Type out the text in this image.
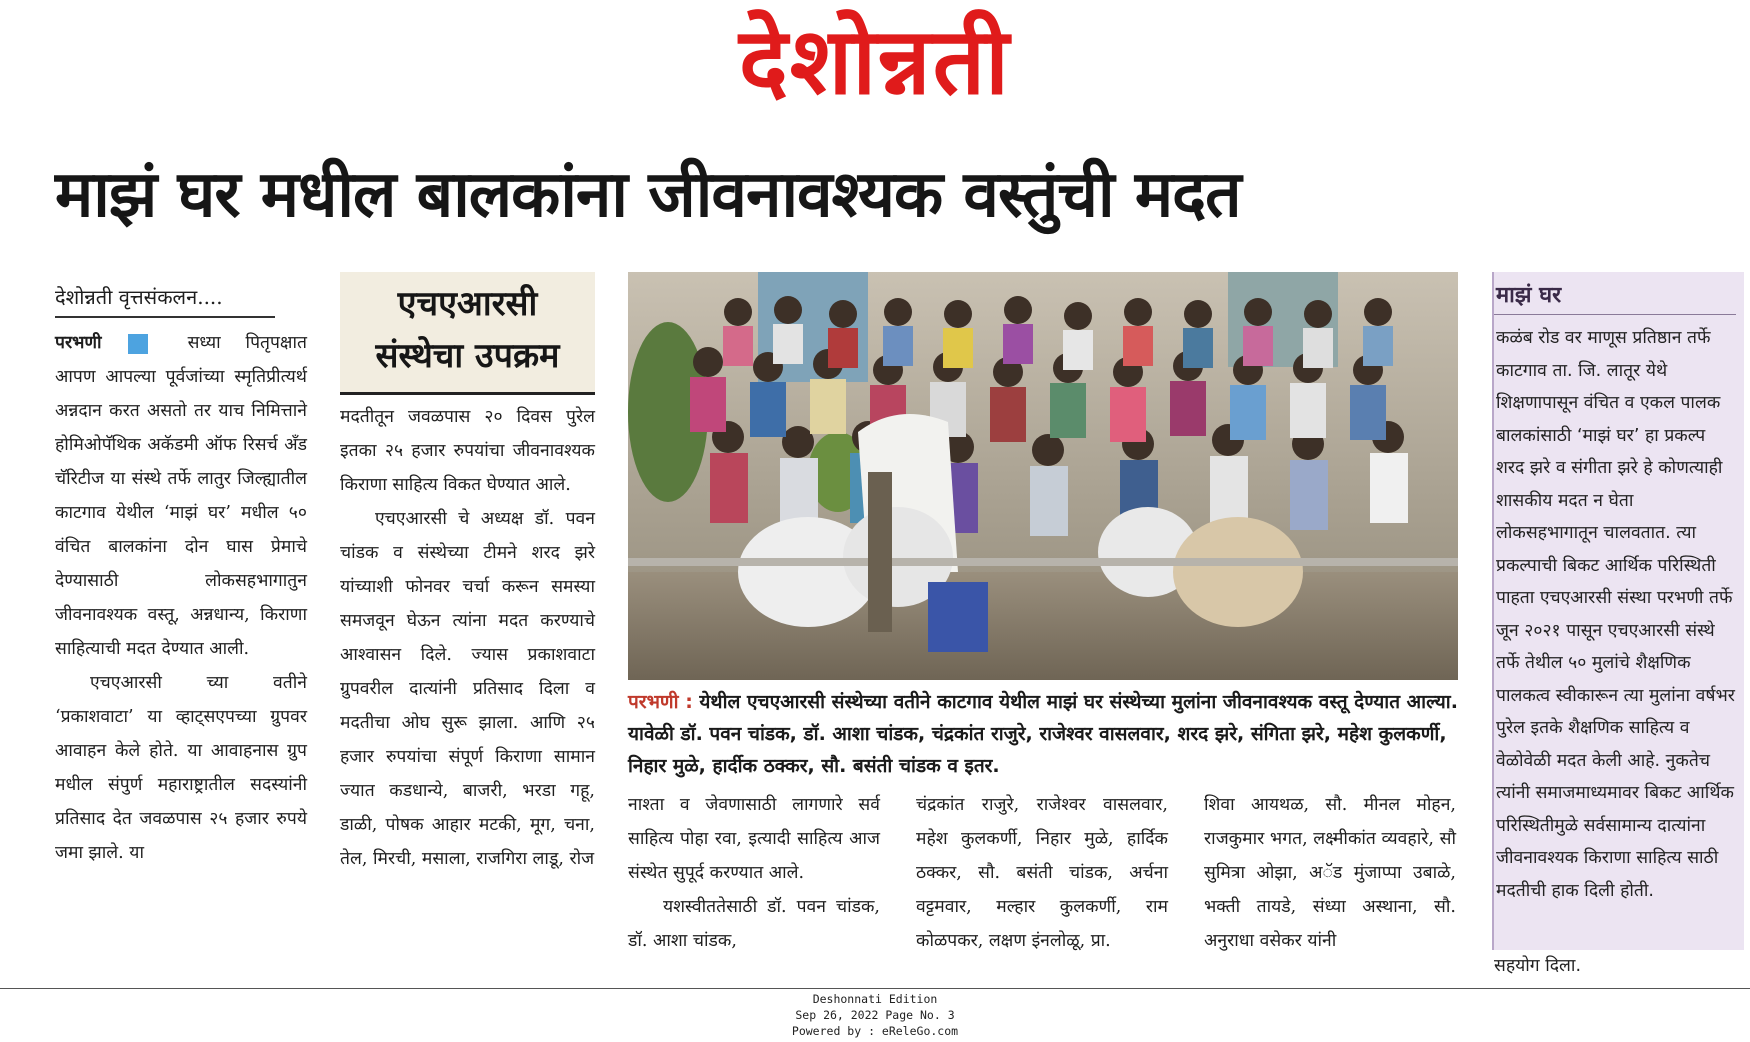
देशोन्नती
माझं घर मधील बालकांना जीवनावश्यक वस्तुंची मदत
देशोन्नती वृत्तसंकलन....

परभणी	सध्या पितृपक्षात आपण आपल्या पूर्वजांच्या स्मृतिप्रीत्यर्थ अन्नदान करत असतो तर याच निमित्ताने होमिओपॅथिक अकॅडमी ऑफ रिसर्च अँड चॅरिटीज या संस्थे तर्फे लातुर जिल्ह्यातील काटगाव येथील ‘माझं घर’ मधील ५० वंचित बालकांना दोन घास प्रेमाचे देण्यासाठी लोकसहभागातुन जीवनावश्यक वस्तू, अन्नधान्य, किराणा साहित्याची मदत देण्यात आली.

एचएआरसी च्या वतीने ‘प्रकाशवाटा’ या व्हाट्सएपच्या ग्रुपवर आवाहन केले होते. या आवाहनास ग्रुप मधील संपुर्ण महाराष्ट्रातील सदस्यांनी प्रतिसाद देत जवळपास २५ हजार रुपये जमा झाले. या

एचएआरसी संस्थेचा उपक्रम

मदतीतून जवळपास २० दिवस पुरेल इतका २५ हजार रुपयांचा जीवनावश्यक किराणा साहित्य विकत घेण्यात आले.

एचएआरसी चे अध्यक्ष डॉ. पवन चांडक व संस्थेच्या टीमने शरद झरे यांच्याशी फोनवर चर्चा करून समस्या समजवून घेऊन त्यांना मदत करण्याचे आश्वासन दिले. ज्यास प्रकाशवाटा ग्रुपवरील दात्यांनी प्रतिसाद दिला व मदतीचा ओघ सुरू झाला. आणि २५ हजार रुपयांचा संपूर्ण किराणा सामान ज्यात कडधान्ये, बाजरी, भरडा गहू, डाळी, पोषक आहार मटकी, मूग, चना, तेल, मिरची, मसाला, राजगिरा लाडू, रोज

परभणी : येथील एचएआरसी संस्थेच्या वतीने काटगाव येथील माझं घर संस्थेच्या मुलांना जीवनावश्यक वस्तू देण्यात आल्या. यावेळी डॉ. पवन चांडक, डॉ. आशा चांडक, चंद्रकांत राजुरे, राजेश्वर वासलवार, शरद झरे, संगिता झरे, महेश कुलकर्णी, निहार मुळे, हार्दीक ठक्कर, सौ. बसंती चांडक व इतर.

नाश्ता व जेवणासाठी लागणारे सर्व साहित्य पोहा रवा, इत्यादी साहित्य आज संस्थेत सुपूर्द करण्यात आले.

यशस्वीततेसाठी डॉ. पवन चांडक, डॉ. आशा चांडक,

चंद्रकांत राजुरे, राजेश्वर वासलवार, महेश कुलकर्णी, निहार मुळे, हार्दिक ठक्कर, सौ. बसंती चांडक, अर्चना वट्टमवार, मल्हार कुलकर्णी, राम कोळपकर, लक्षण इंनलोळू, प्रा.

शिवा आयथळ, सौ. मीनल मोहन, राजकुमार भगत, लक्ष्मीकांत व्यवहारे, सौ सुमित्रा ओझा, अॅड मुंजाप्पा उबाळे, भक्ती तायडे, संध्या अस्थाना, सौ. अनुराधा वसेकर यांनी

माझं घर
कळंब रोड वर माणूस प्रतिष्ठान तर्फे काटगाव ता. जि. लातूर येथे शिक्षणापासून वंचित व एकल पालक बालकांसाठी ‘माझं घर’ हा प्रकल्प शरद झरे व संगीता झरे हे कोणत्याही शासकीय मदत न घेता लोकसहभागातून चालवतात. त्या प्रकल्पाची बिकट आर्थिक परिस्थिती पाहता एचएआरसी संस्था परभणी तर्फे जून २०२१ पासून एचएआरसी संस्थे तर्फे तेथील ५० मुलांचे शैक्षणिक पालकत्व स्वीकारून त्या मुलांना वर्षभर पुरेल इतके शैक्षणिक साहित्य व वेळोवेळी मदत केली आहे. नुकतेच त्यांनी समाजमाध्यमावर बिकट आर्थिक परिस्थितीमुळे सर्वसामान्य दात्यांना जीवनावश्यक किराणा साहित्य साठी मदतीची हाक दिली होती.
सहयोग दिला.
Deshonnati Edition
Sep 26, 2022 Page No. 3
Powered by : eReleGo.com
